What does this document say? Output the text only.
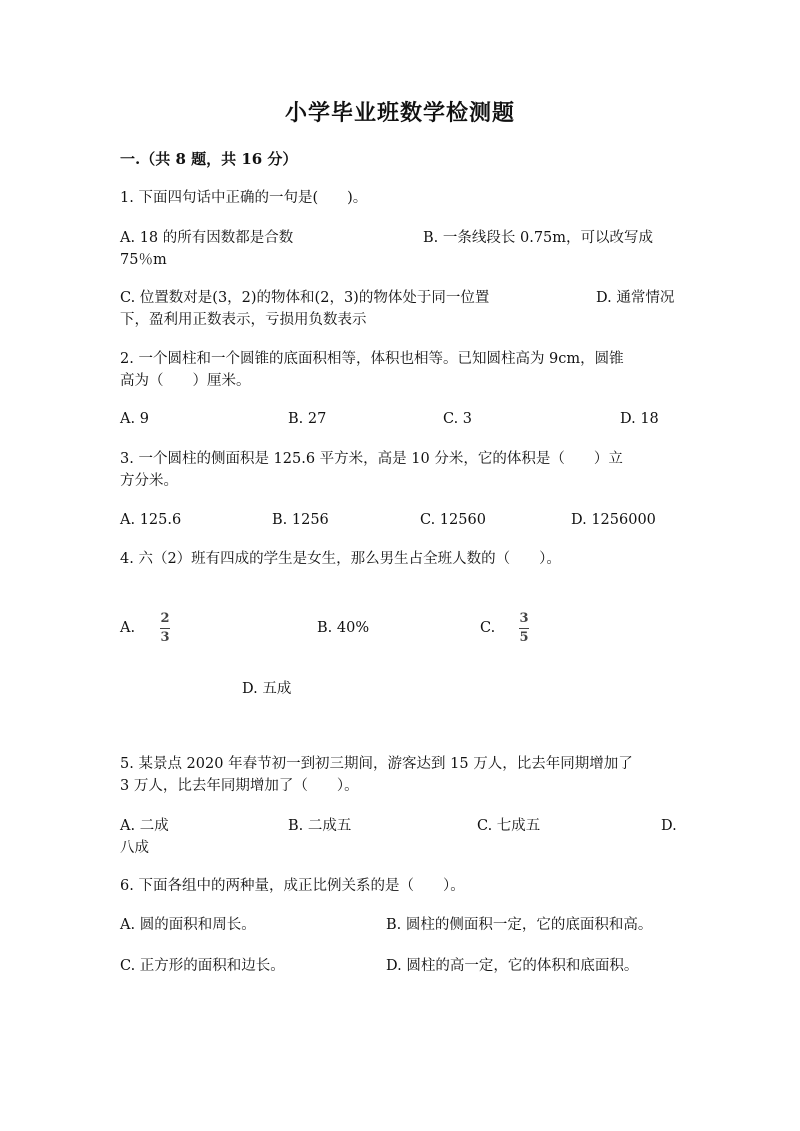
小学毕业班数学检测题
一.（共 8 题，共 16 分）
1. 下面四句话中正确的一句是(　　)。
A. 18 的所有因数都是合数	B. 一条线段长 0.75m，可以改写成
75％m
C. 位置数对是(3，2)的物体和(2，3)的物体处于同一位置	D. 通常情况
下，盈利用正数表示，亏损用负数表示
2. 一个圆柱和一个圆锥的底面积相等，体积也相等。已知圆柱高为 9cm，圆锥
高为（　　）厘米。
A. 9	B. 27	C. 3	D. 18
3. 一个圆柱的侧面积是 125.6 平方米，高是 10 分米，它的体积是（　　）立
方分米。
A. 125.6	B. 1256	C. 12560	D. 1256000
4. 六（2）班有四成的学生是女生，那么男生占全班人数的（　　）。
A.
2
3
B. 40%	C.
3
5
D. 五成
5. 某景点 2020 年春节初一到初三期间，游客达到 15 万人，比去年同期增加了
3 万人，比去年同期增加了（　　）。
A. 二成	B. 二成五	C. 七成五	D.
八成
6. 下面各组中的两种量，成正比例关系的是（　　）。
A. 圆的面积和周长。	B. 圆柱的侧面积一定，它的底面积和高。
C. 正方形的面积和边长。	D. 圆柱的高一定，它的体积和底面积。
